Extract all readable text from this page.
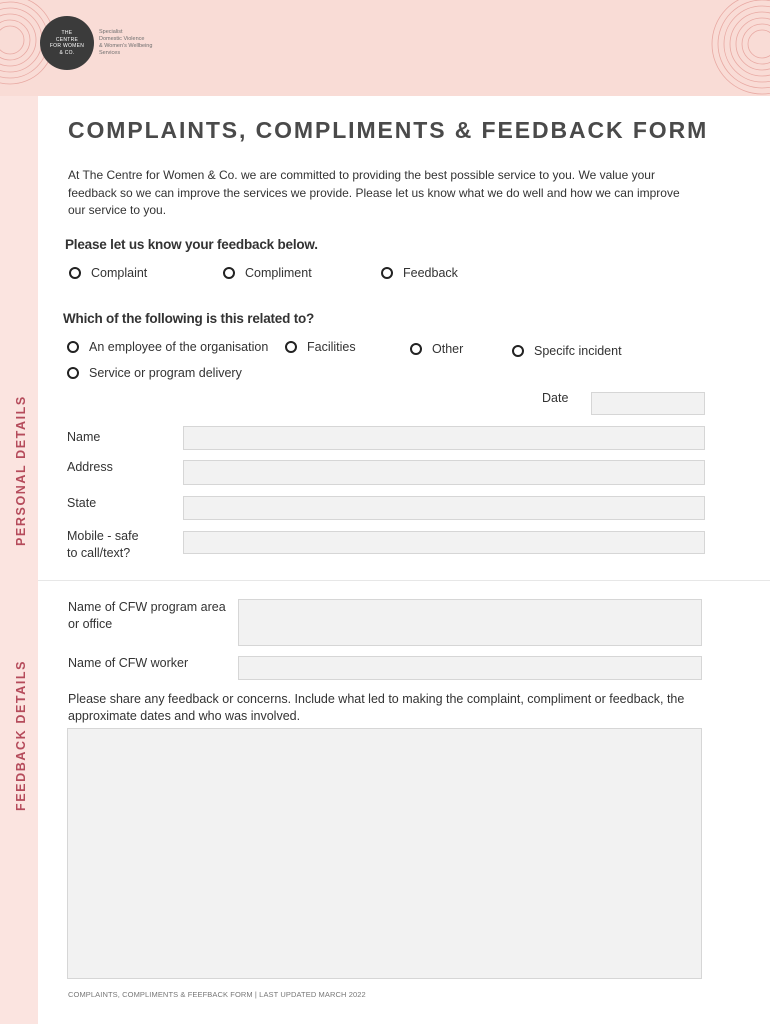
THE
CENTRE
FOR WOMEN
& CO.
Specialist
Domestic Violence
& Women's Wellbeing
Services
COMPLAINTS, COMPLIMENTS & FEEDBACK FORM
At The Centre for Women & Co. we are committed to providing the best possible service to you. We value your feedback so we can improve the services we provide. Please let us know what we do well and how we can improve our service to you.
Please let us know your feedback below.
Complaint	Compliment	Feedback
Which of the following is this related to?
An employee of the organisation	Facilities	Other	Specifc incident
Service or program delivery
Date
Name
Address
State
Mobile - safe
to call/text?
PERSONAL DETAILS
Name of CFW program area
or office
Name of CFW worker
Please share any feedback or concerns. Include what led to making the complaint, compliment or feedback, the approximate dates and who was involved.
FEEDBACK DETAILS
COMPLAINTS, COMPLIMENTS & FEEFBACK FORM | LAST UPDATED MARCH 2022
